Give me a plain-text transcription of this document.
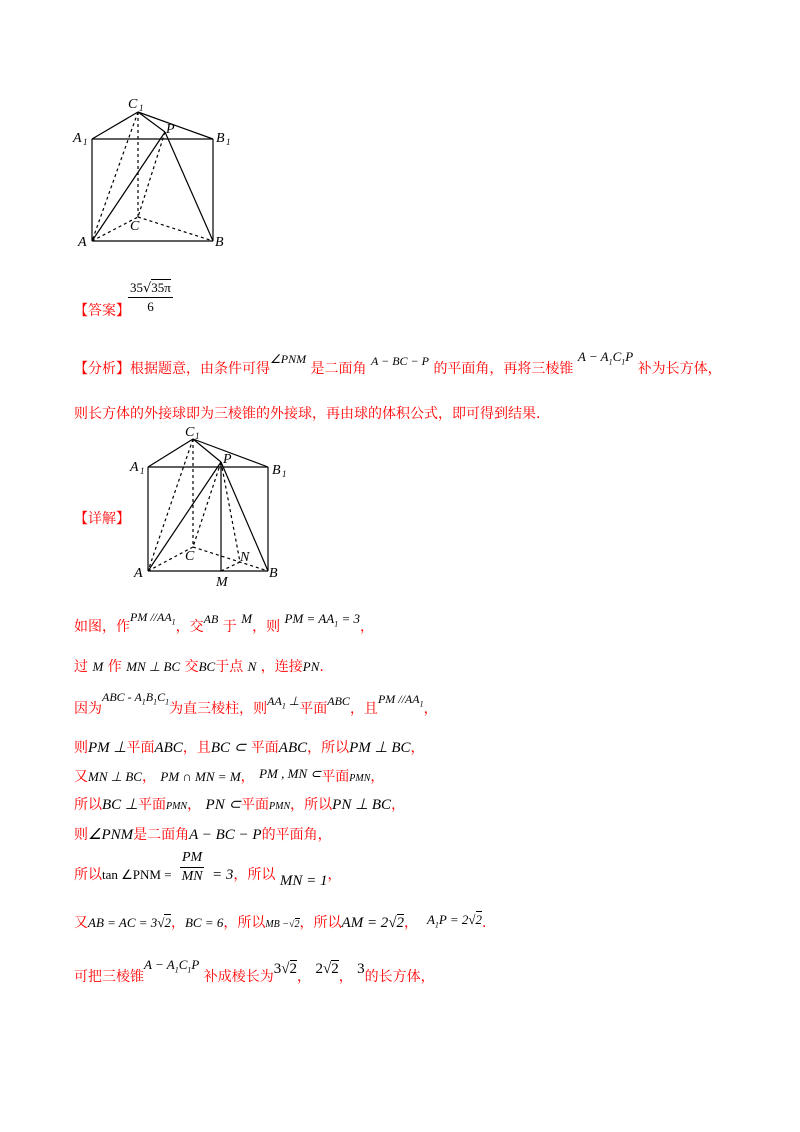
C 1
A 1
P
B 1
C
A	B
【答案】
$\frac{35√35\pi}{6}$
【分析】根据题意，由条件可得∠PNM 是二面角 A − BC − P 的平面角，再将三棱锥 $A - A_1C_1P$ 补为长方体，
则长方体的外接球即为三棱锥的外接球，再由球的体积公式，即可得到结果.
C 1
A 1
P
B 1
C	N
A
M
B
【详解】
如图，作PM $//AA_1$，交AB 于 M，则 PM = $AA_1 = 3$，
过 M 作 MN ⊥ BC 交BC于点 N ，连接PN.
因为ABC - $A_1B_1C_1$为直三棱柱，则$AA_1$ ⊥平面ABC，且PM $//AA_1$，
则PM ⊥平面ABC，且BC ⊂ 平面ABC，所以PM ⊥ BC，
又MN ⊥ BC， PM ∩ MN = M， PM , MN ⊂平面PMN，
所以BC ⊥平面PMN， PN ⊂平面PMN，所以PN ⊥ BC，
则∠PNM是二面角A − BC − P的平面角，
所以tan ∠PNM = $\frac{PM}{MN} = 3$，所以 MN = 1，
又AB = AC = 3√2，BC = 6，所以MB −√2，所以AM = 2√2， $A_1P = 2√2$.
可把三棱锥$A - A_1C_1P$ 补成棱长为3√2， 2√2， 3的长方体，
